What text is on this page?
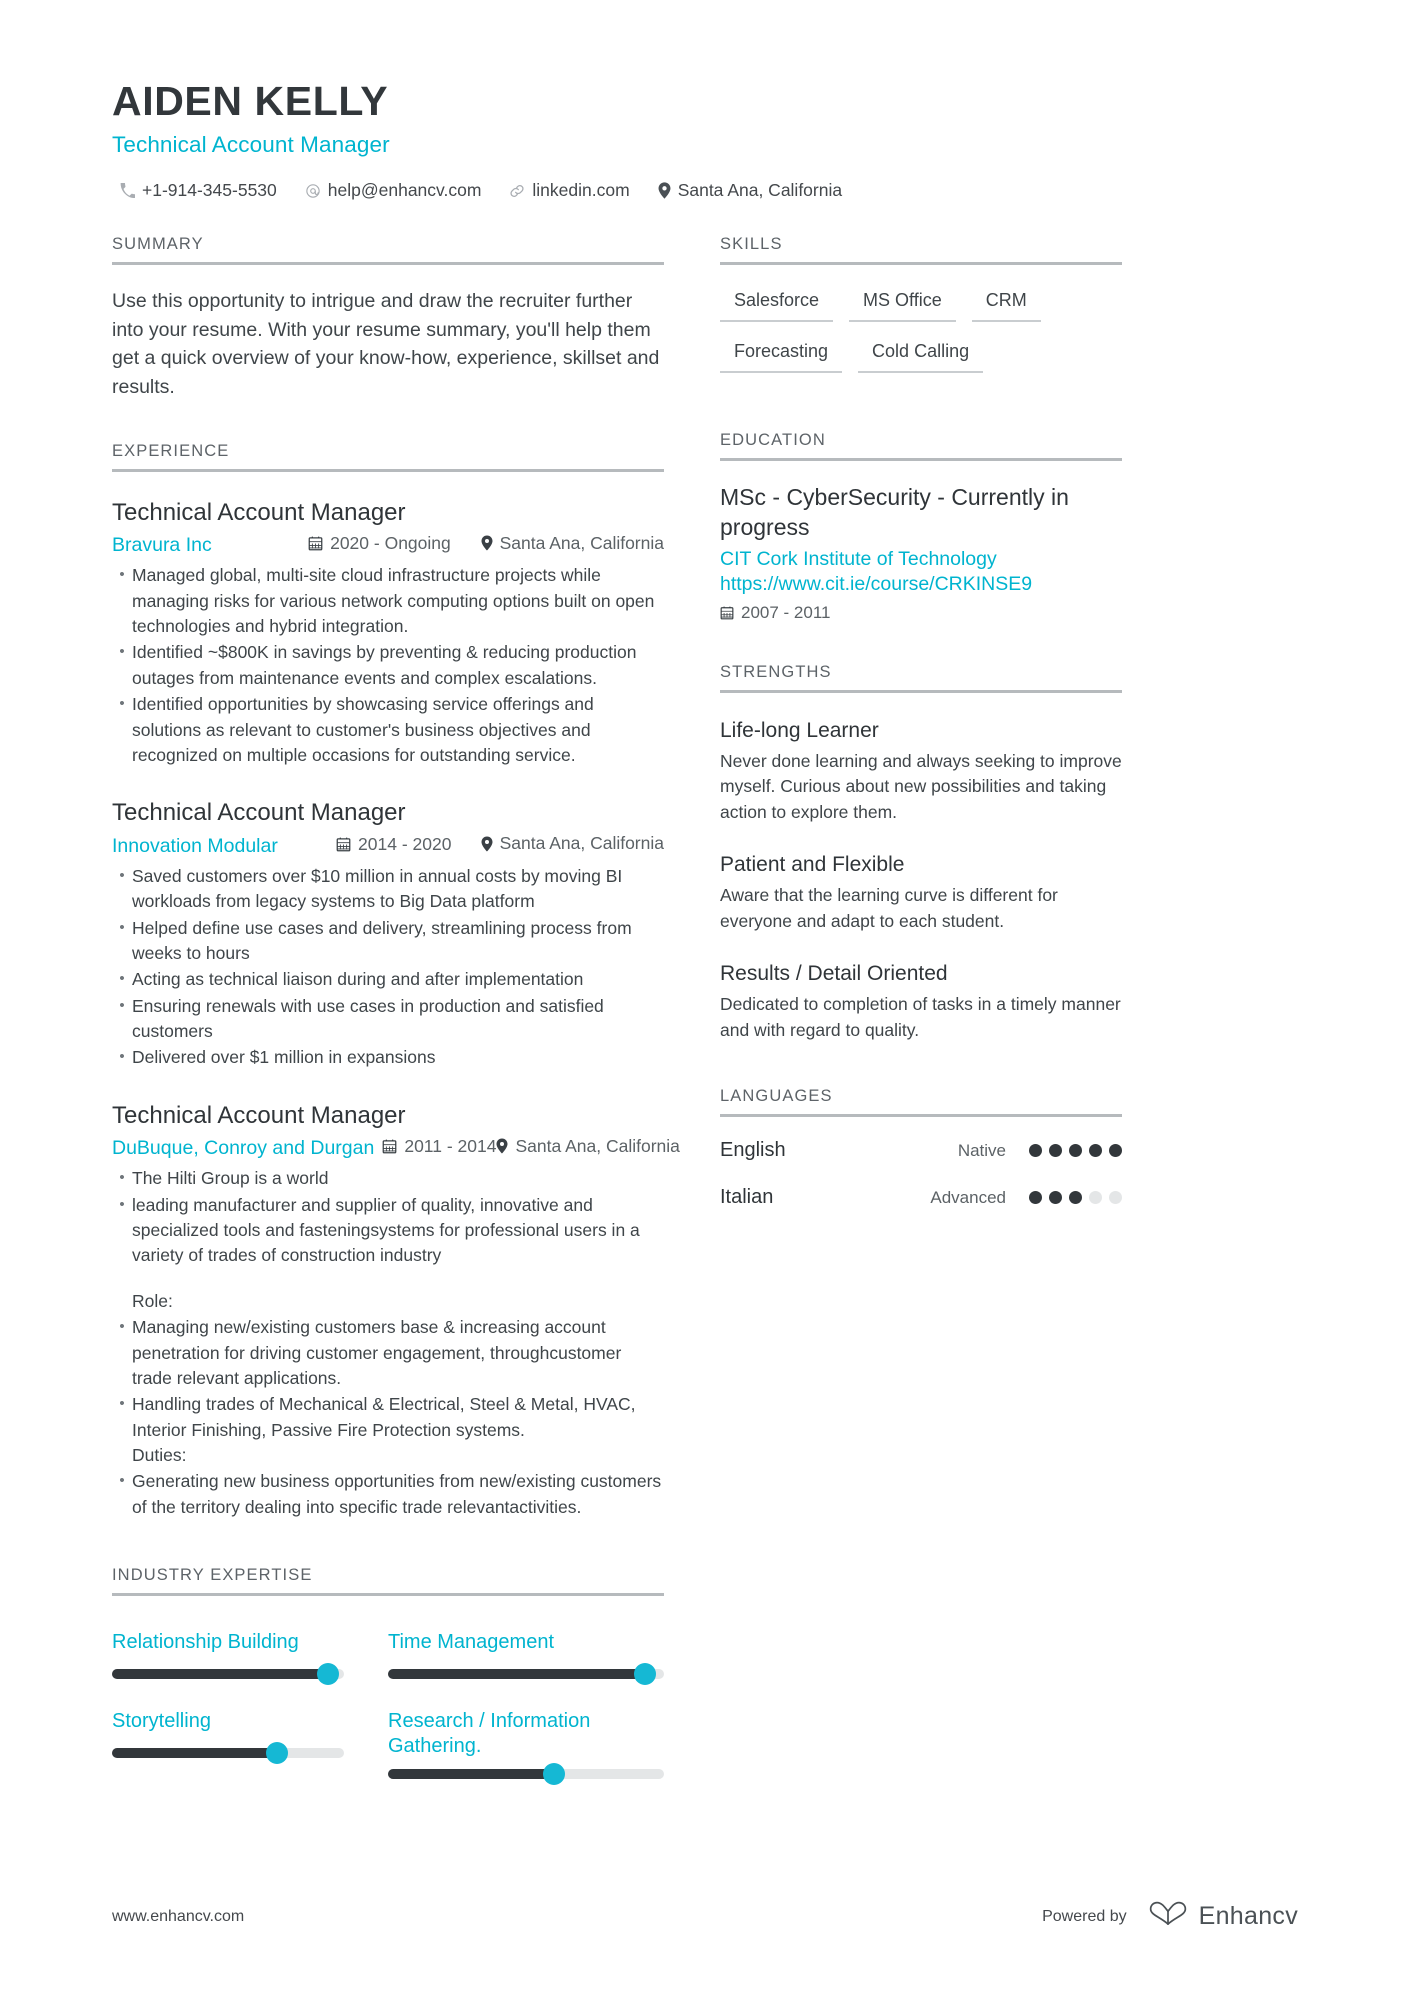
AIDEN KELLY
Technical Account Manager
+1-914-345-5530	help@enhancv.com	linkedin.com	Santa Ana, California
SUMMARY
Use this opportunity to intrigue and draw the recruiter further into your resume. With your resume summary, you'll help them get a quick overview of your know-how, experience, skillset and results.
EXPERIENCE
Technical Account Manager
Bravura Inc	2020 - Ongoing	Santa Ana, California
• Managed global, multi-site cloud infrastructure projects while managing risks for various network computing options built on open technologies and hybrid integration.
• Identified ~$800K in savings by preventing & reducing production outages from maintenance events and complex escalations.
• Identified opportunities by showcasing service offerings and solutions as relevant to customer's business objectives and recognized on multiple occasions for outstanding service.
Technical Account Manager
Innovation Modular	2014 - 2020	Santa Ana, California
• Saved customers over $10 million in annual costs by moving BI workloads from legacy systems to Big Data platform
• Helped define use cases and delivery, streamlining process from weeks to hours
• Acting as technical liaison during and after implementation
• Ensuring renewals with use cases in production and satisfied customers
• Delivered over $1 million in expansions
Technical Account Manager
DuBuque, Conroy and Durgan 2011 - 2014 Santa Ana, California
• The Hilti Group is a world
• leading manufacturer and supplier of quality, innovative and specialized tools and fasteningsystems for professional users in a variety of trades of construction industry
Role:
• Managing new/existing customers base & increasing account penetration for driving customer engagement, throughcustomer trade relevant applications.
• Handling trades of Mechanical & Electrical, Steel & Metal, HVAC, Interior Finishing, Passive Fire Protection systems.
Duties:
• Generating new business opportunities from new/existing customers of the territory dealing into specific trade relevantactivities.
INDUSTRY EXPERTISE
Relationship Building	Time Management
Storytelling	Research / Information Gathering.
SKILLS
Salesforce	MS Office	CRM
Forecasting	Cold Calling
EDUCATION
MSc - CyberSecurity - Currently in progress
CIT Cork Institute of Technology
https://www.cit.ie/course/CRKINSE9
2007 - 2011
STRENGTHS
Life-long Learner
Never done learning and always seeking to improve myself. Curious about new possibilities and taking action to explore them.
Patient and Flexible
Aware that the learning curve is different for everyone and adapt to each student.
Results / Detail Oriented
Dedicated to completion of tasks in a timely manner and with regard to quality.
LANGUAGES
English	Native
Italian	Advanced
www.enhancv.com	Powered by	Enhancv
